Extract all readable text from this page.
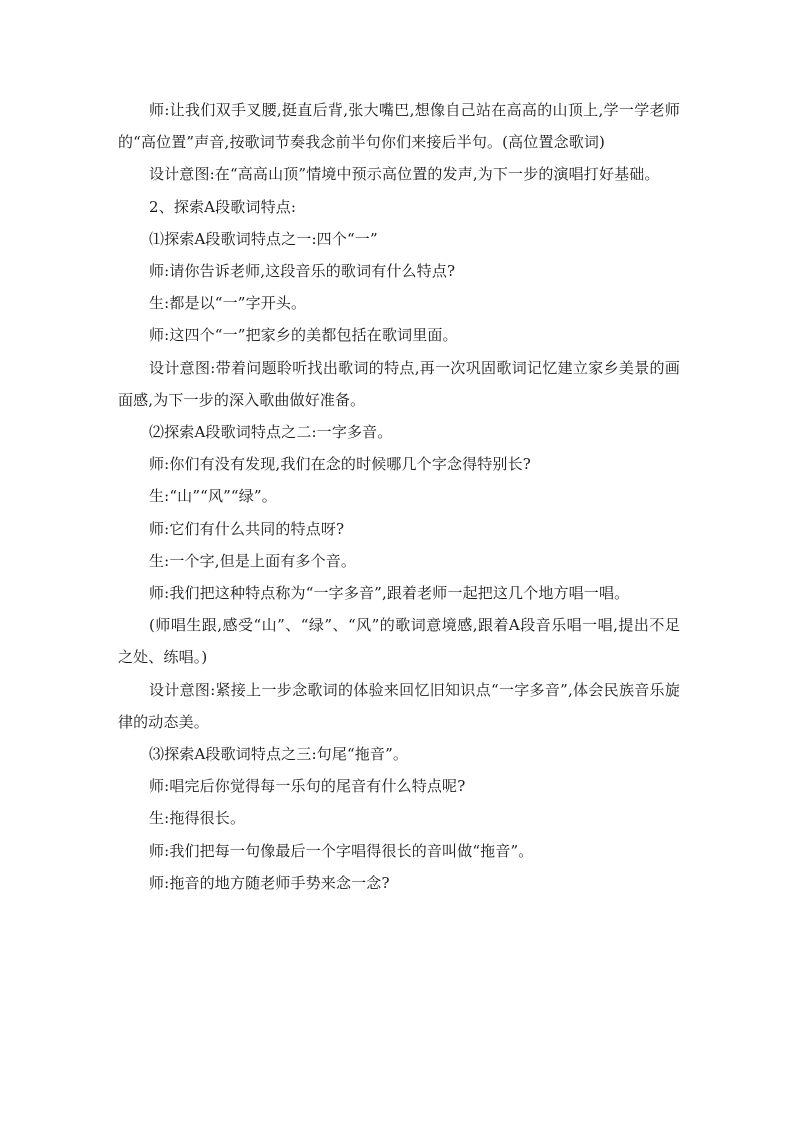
师:让我们双手叉腰,挺直后背,张大嘴巴,想像自己站在高高的山顶上,学一学老师的“高位置”声音,按歌词节奏我念前半句你们来接后半句。(高位置念歌词)

设计意图:在“高高山顶”情境中预示高位置的发声,为下一步的演唱打好基础。

2、探索A段歌词特点:

⑴探索A段歌词特点之一:四个“一”

师:请你告诉老师,这段音乐的歌词有什么特点?

生:都是以“一”字开头。

师:这四个“一”把家乡的美都包括在歌词里面。

设计意图:带着问题聆听找出歌词的特点,再一次巩固歌词记忆建立家乡美景的画面感,为下一步的深入歌曲做好准备。

⑵探索A段歌词特点之二:一字多音。

师:你们有没有发现,我们在念的时候哪几个字念得特别长?

生:“山”“风”“绿”。

师:它们有什么共同的特点呀?

生:一个字,但是上面有多个音。

师:我们把这种特点称为“一字多音”,跟着老师一起把这几个地方唱一唱。

(师唱生跟,感受“山”、“绿”、“风”的歌词意境感,跟着A段音乐唱一唱,提出不足之处、练唱。)

设计意图:紧接上一步念歌词的体验来回忆旧知识点“一字多音”,体会民族音乐旋律的动态美。

⑶探索A段歌词特点之三:句尾“拖音”。

师:唱完后你觉得每一乐句的尾音有什么特点呢?

生:拖得很长。

师:我们把每一句像最后一个字唱得很长的音叫做“拖音”。

师:拖音的地方随老师手势来念一念?
